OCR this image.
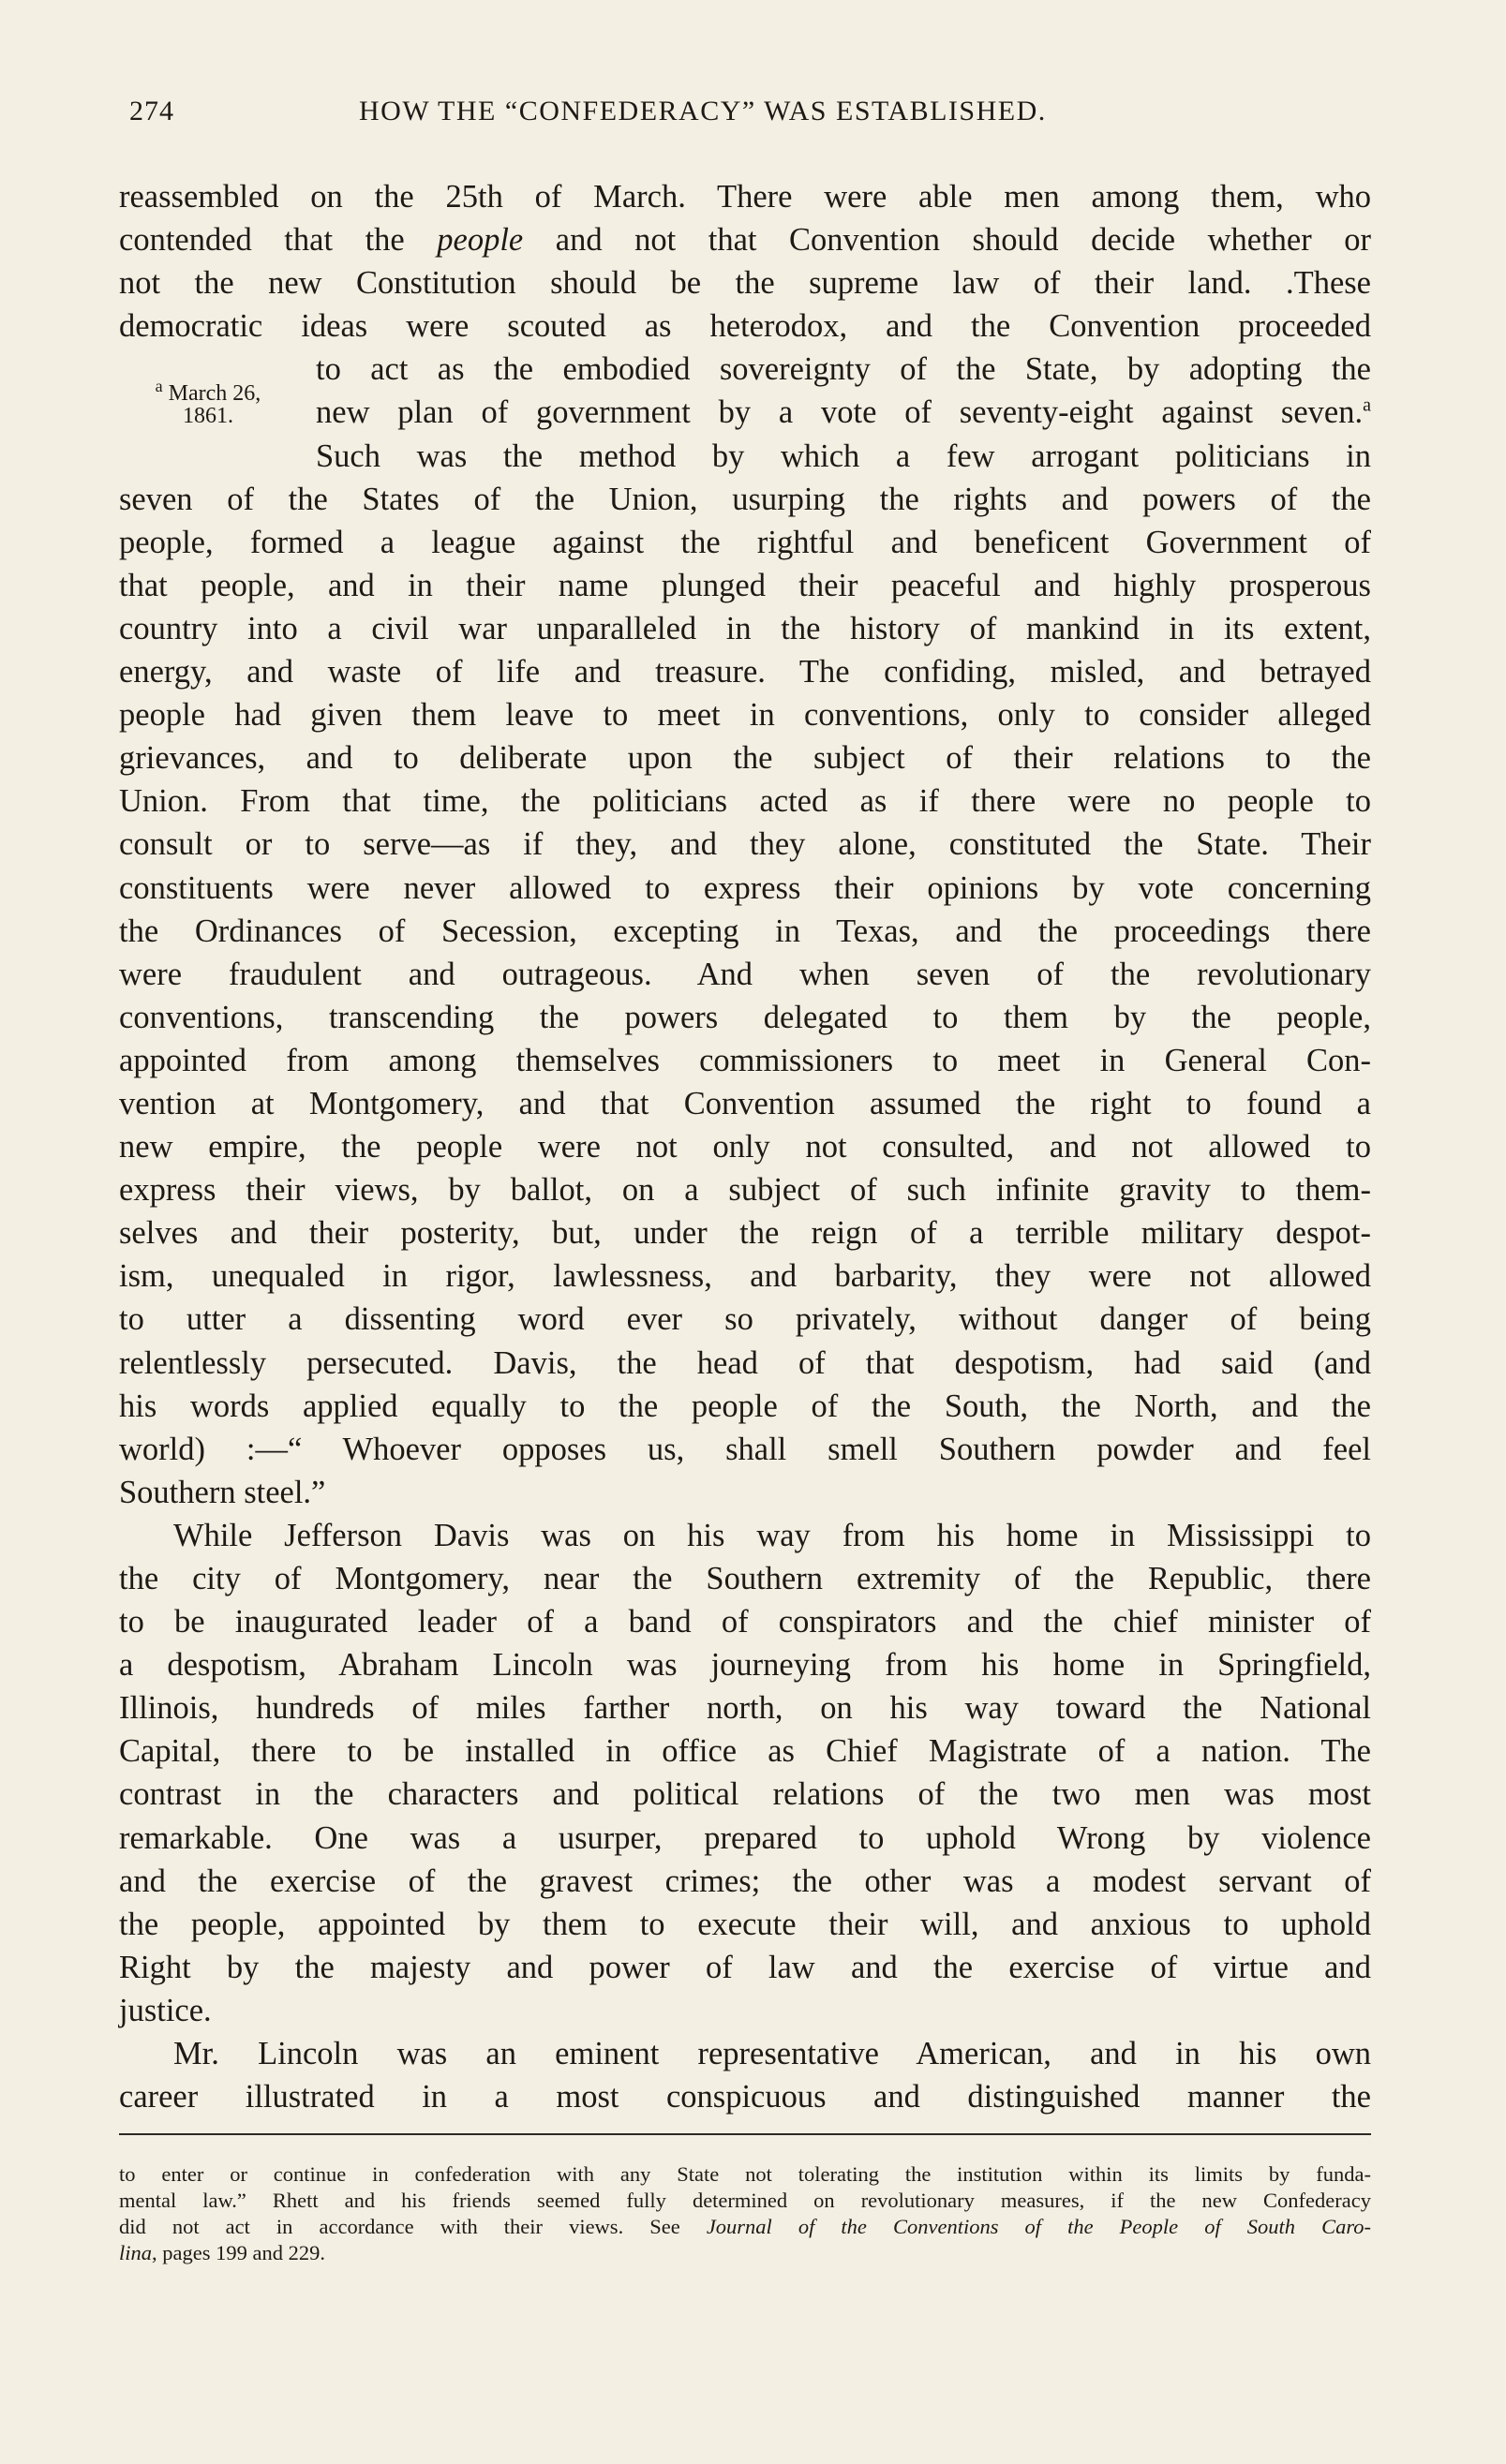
274	HOW THE “CONFEDERACY” WAS ESTABLISHED.
$^a$ March 26,
1861.
reassembled on the 25th of March. There were able men among them, who
contended that the people and not that Convention should decide whether or
not the new Constitution should be the supreme law of their land. .These
democratic ideas were scouted as heterodox, and the Convention proceeded
to act as the embodied sovereignty of the State, by adopting the
new plan of government by a vote of seventy-eight against seven.$^a$
Such was the method by which a few arrogant politicians in
seven of the States of the Union, usurping the rights and powers of the
people, formed a league against the rightful and beneficent Government of
that people, and in their name plunged their peaceful and highly prosperous
country into a civil war unparalleled in the history of mankind in its extent,
energy, and waste of life and treasure. The confiding, misled, and betrayed
people had given them leave to meet in conventions, only to consider alleged
grievances, and to deliberate upon the subject of their relations to the
Union. From that time, the politicians acted as if there were no people to
consult or to serve—as if they, and they alone, constituted the State. Their
constituents were never allowed to express their opinions by vote concerning
the Ordinances of Secession, excepting in Texas, and the proceedings there
were fraudulent and outrageous. And when seven of the revolutionary
conventions, transcending the powers delegated to them by the people,
appointed from among themselves commissioners to meet in General Con-
vention at Montgomery, and that Convention assumed the right to found a
new empire, the people were not only not consulted, and not allowed to
express their views, by ballot, on a subject of such infinite gravity to them-
selves and their posterity, but, under the reign of a terrible military despot-
ism, unequaled in rigor, lawlessness, and barbarity, they were not allowed
to utter a dissenting word ever so privately, without danger of being
relentlessly persecuted. Davis, the head of that despotism, had said (and
his words applied equally to the people of the South, the North, and the
world) :—“ Whoever opposes us, shall smell Southern powder and feel
Southern steel.”
While Jefferson Davis was on his way from his home in Mississippi to
the city of Montgomery, near the Southern extremity of the Republic, there
to be inaugurated leader of a band of conspirators and the chief minister of
a despotism, Abraham Lincoln was journeying from his home in Springfield,
Illinois, hundreds of miles farther north, on his way toward the National
Capital, there to be installed in office as Chief Magistrate of a nation. The
contrast in the characters and political relations of the two men was most
remarkable. One was a usurper, prepared to uphold Wrong by violence
and the exercise of the gravest crimes; the other was a modest servant of
the people, appointed by them to execute their will, and anxious to uphold
Right by the majesty and power of law and the exercise of virtue and
justice.
Mr. Lincoln was an eminent representative American, and in his own
career illustrated in a most conspicuous and distinguished manner the
to enter or continue in confederation with any State not tolerating the institution within its limits by funda-
mental law.” Rhett and his friends seemed fully determined on revolutionary measures, if the new Confederacy
did not act in accordance with their views. See Journal of the Conventions of the People of South Caro-
lina, pages 199 and 229.
